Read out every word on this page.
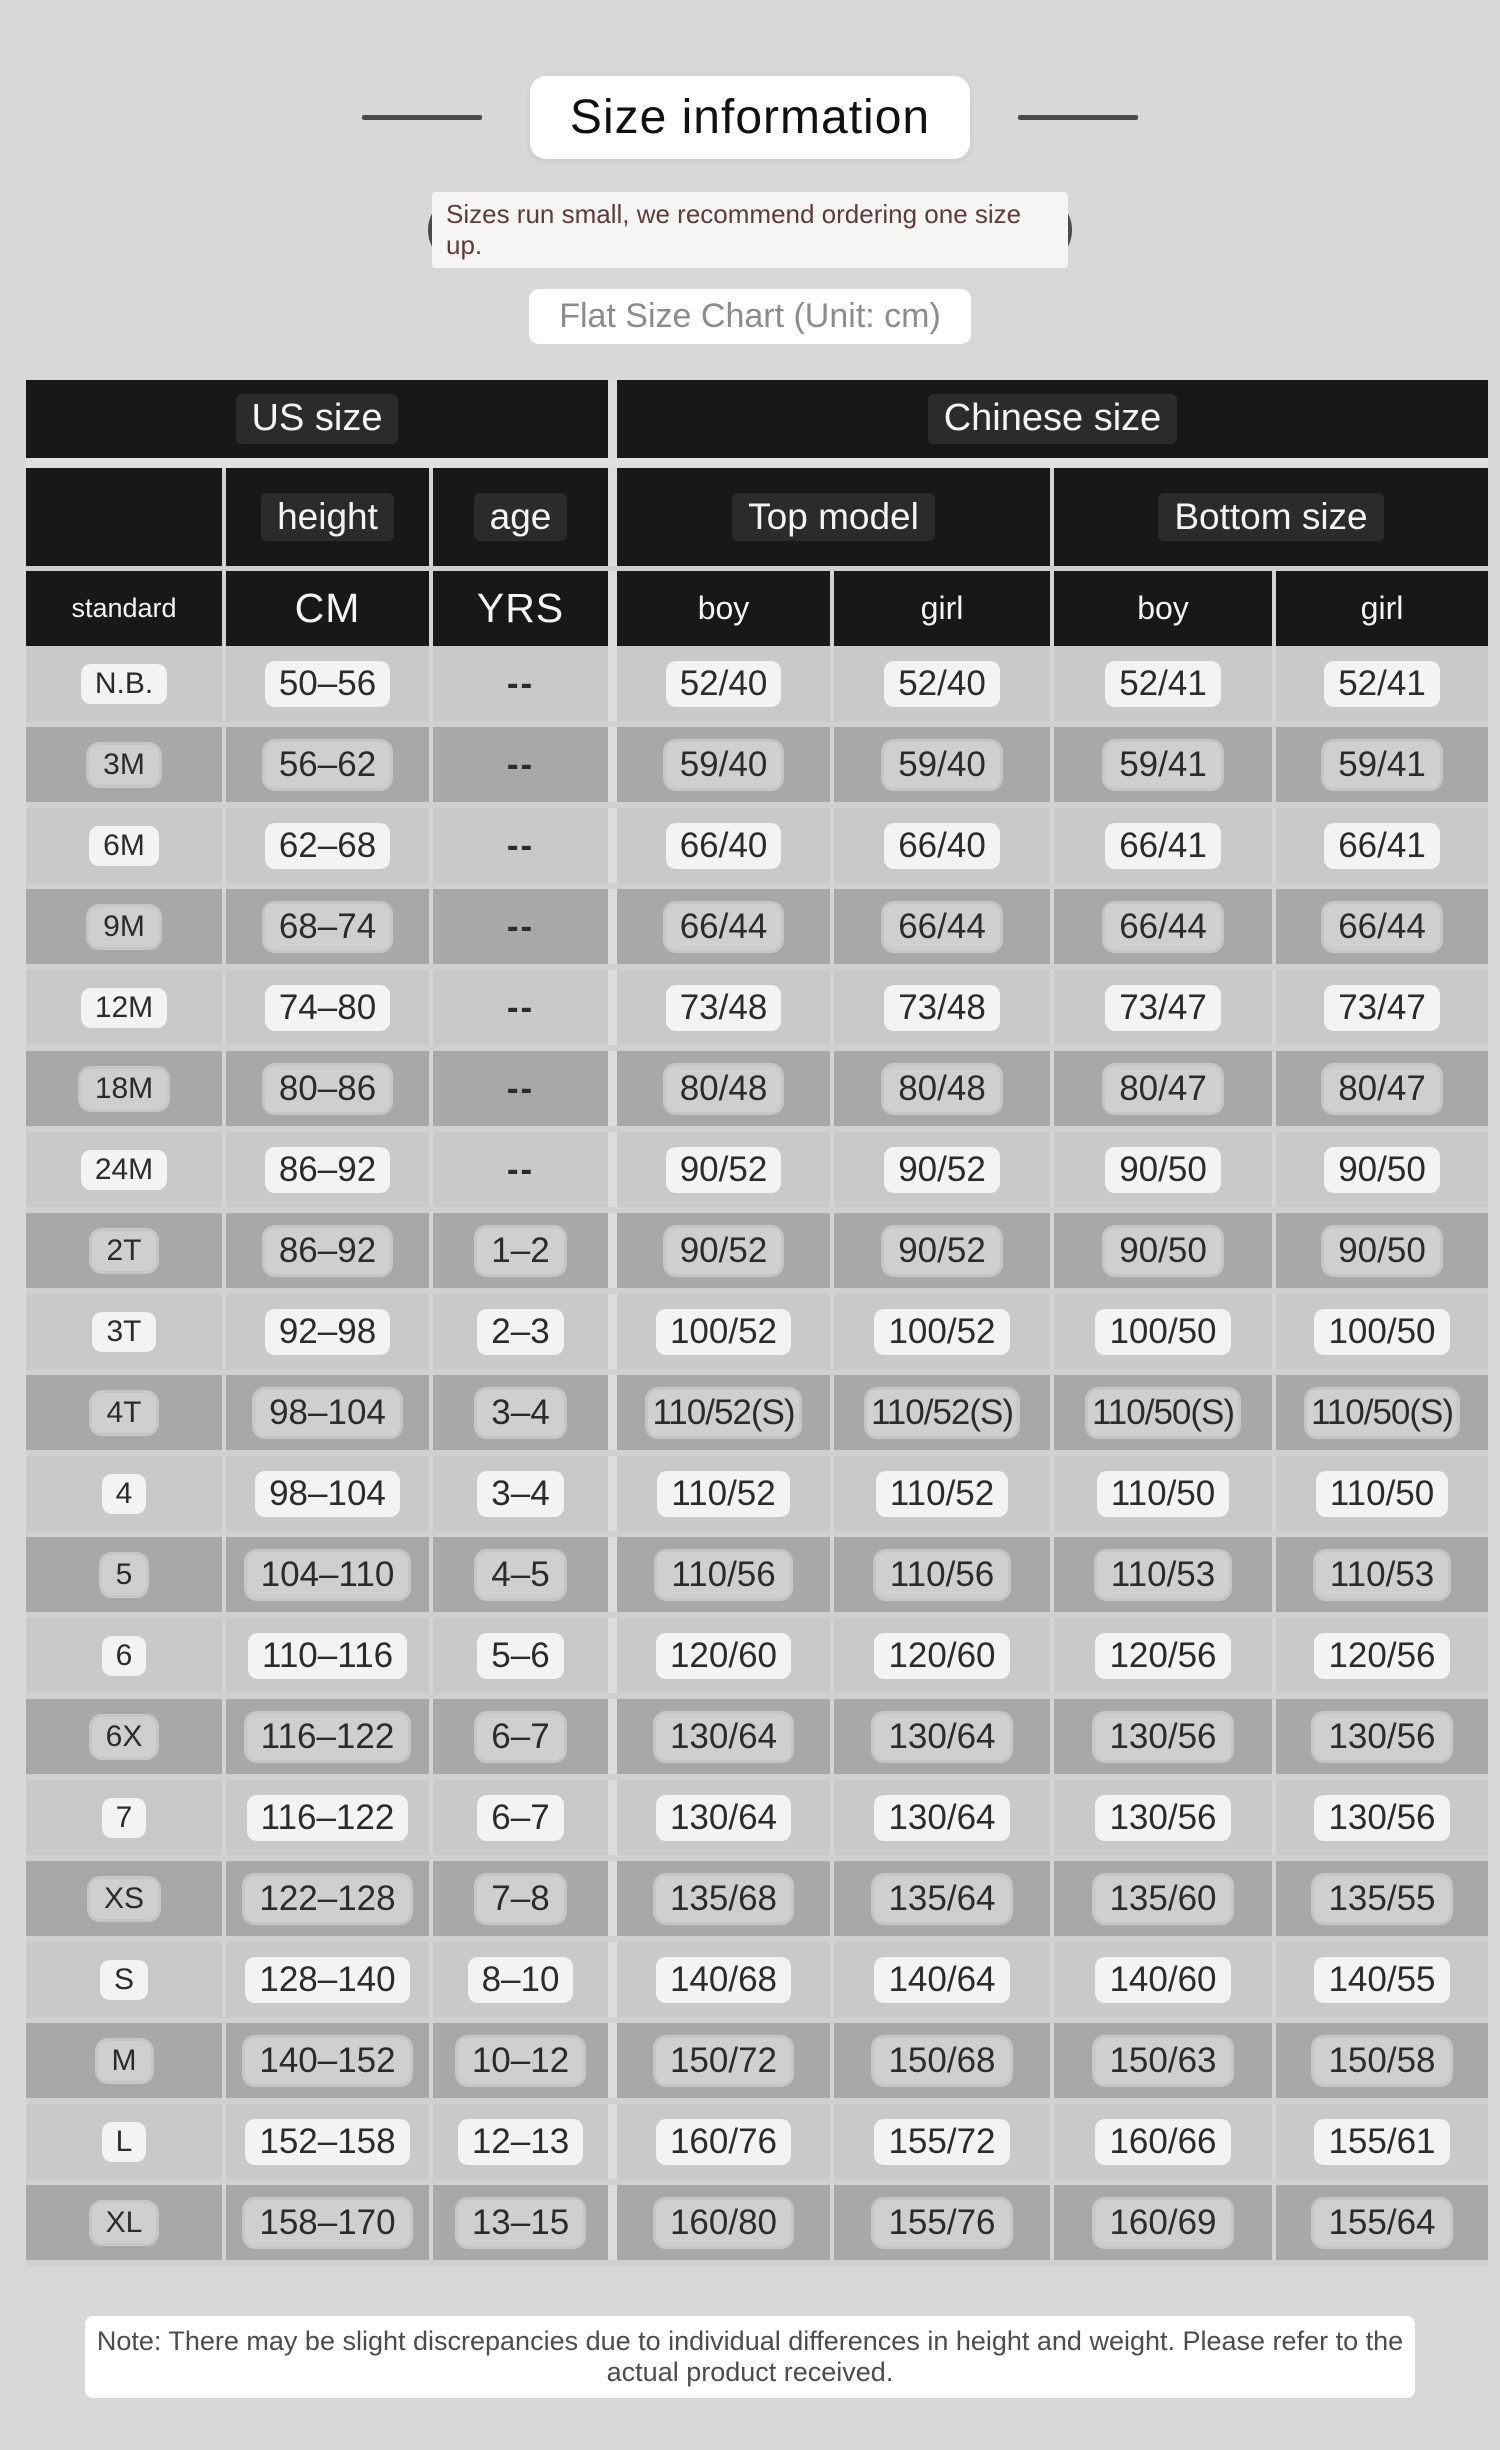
Size information
Sizes run small, we recommend ordering one size up.
Flat Size Chart (Unit: cm)
US size	Chinese size
height	age	Top model	Bottom size
standard	CM	YRS	boy	girl	boy	girl
N.B.	50–56	--	52/40	52/40	52/41	52/41
3M	56–62	--	59/40	59/40	59/41	59/41
6M	62–68	--	66/40	66/40	66/41	66/41
9M	68–74	--	66/44	66/44	66/44	66/44
12M	74–80	--	73/48	73/48	73/47	73/47
18M	80–86	--	80/48	80/48	80/47	80/47
24M	86–92	--	90/52	90/52	90/50	90/50
2T	86–92	1–2	90/52	90/52	90/50	90/50
3T	92–98	2–3	100/52	100/52	100/50	100/50
4T	98–104	3–4	110/52(S) 110/52(S) 110/50(S) 110/50(S)
4	98–104	3–4	110/52	110/52	110/50	110/50
5	104–110	4–5	110/56	110/56	110/53	110/53
6	110–116	5–6	120/60	120/60	120/56	120/56
6X	116–122	6–7	130/64	130/64	130/56	130/56
7	116–122	6–7	130/64	130/64	130/56	130/56
XS	122–128	7–8	135/68	135/64	135/60	135/55
S	128–140	8–10	140/68	140/64	140/60	140/55
M	140–152	10–12	150/72	150/68	150/63	150/58
L	152–158	12–13	160/76	155/72	160/66	155/61
XL	158–170	13–15	160/80	155/76	160/69	155/64
Note: There may be slight discrepancies due to individual differences in height and weight. Please refer to the actual product received.
